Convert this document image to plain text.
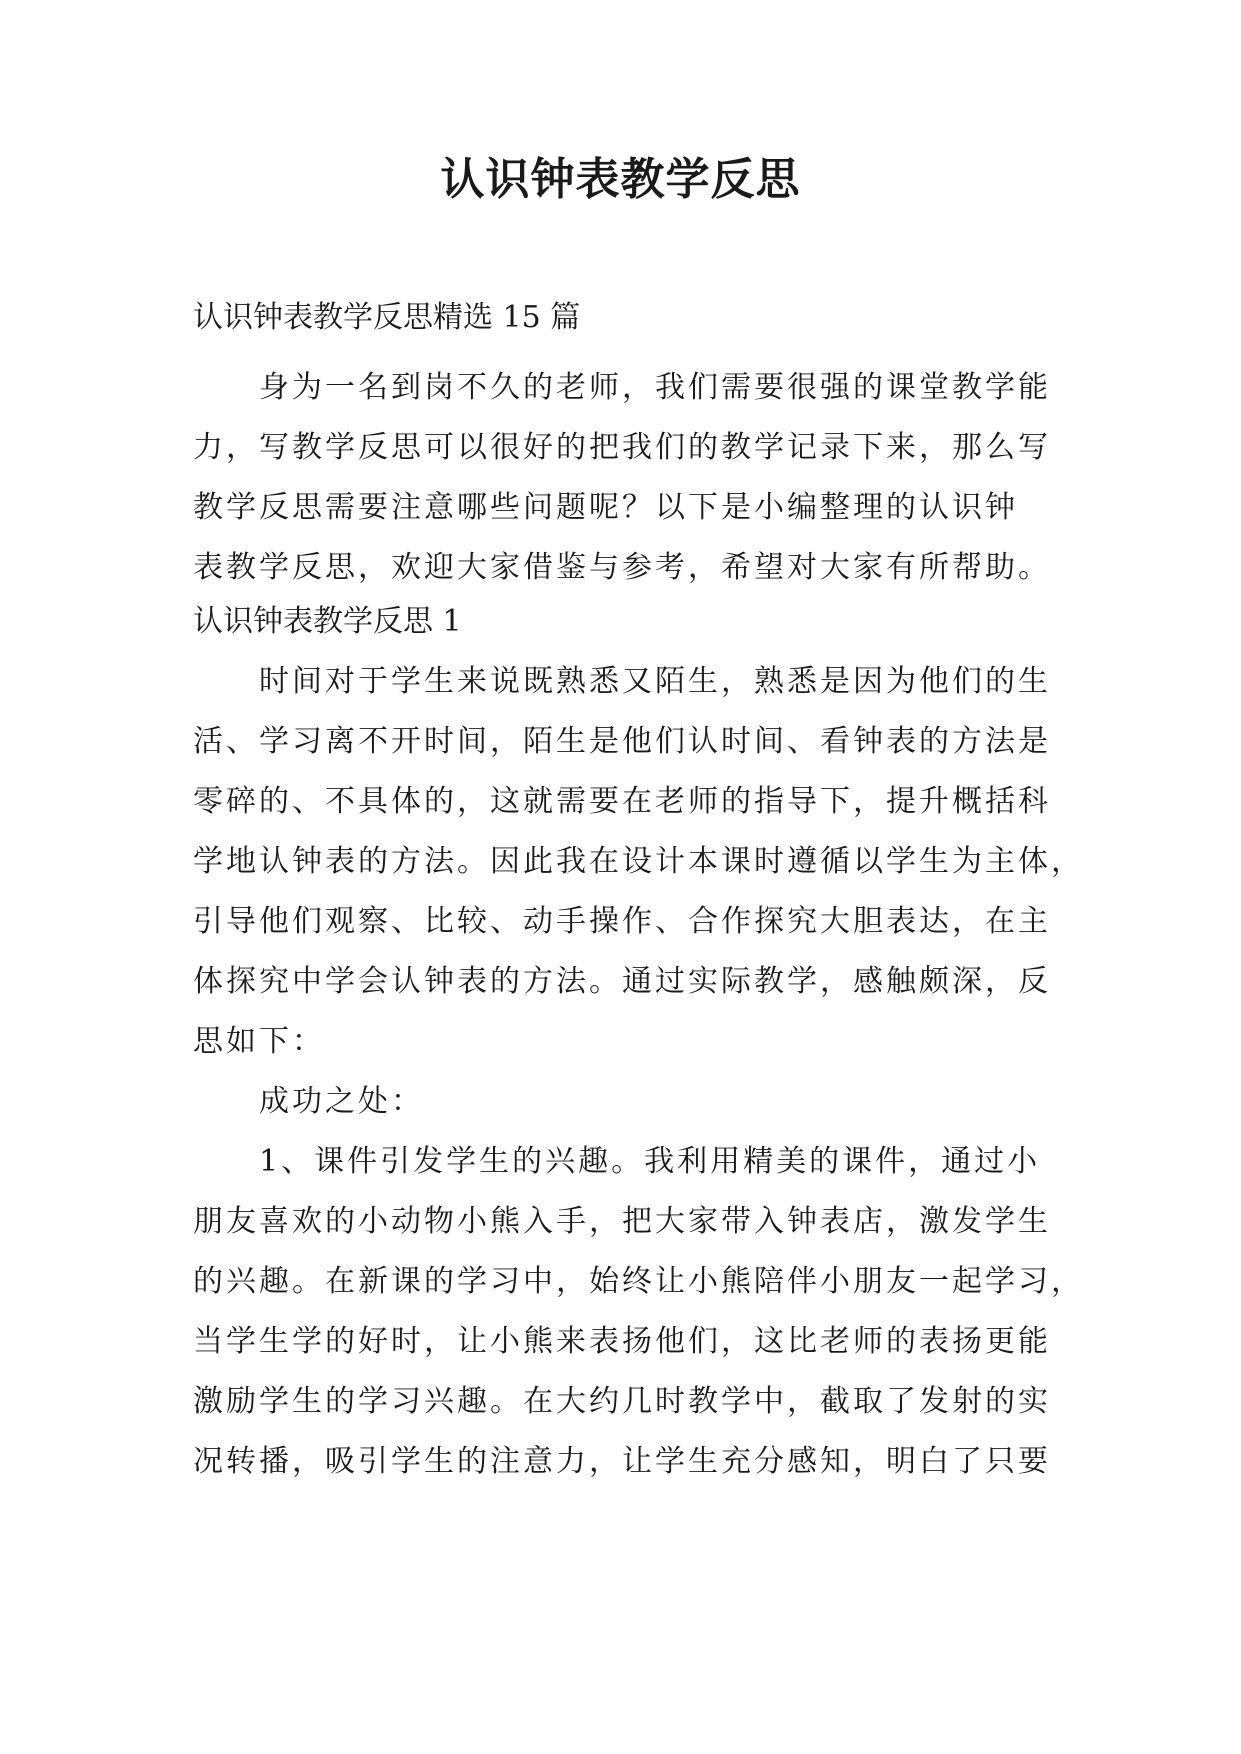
认识钟表教学反思

认识钟表教学反思精选 15 篇

身为一名到岗不久的老师，我们需要很强的课堂教学能
力，写教学反思可以很好的把我们的教学记录下来，那么写
教学反思需要注意哪些问题呢？以下是小编整理的认识钟
表教学反思，欢迎大家借鉴与参考，希望对大家有所帮助。
认识钟表教学反思 1
时间对于学生来说既熟悉又陌生，熟悉是因为他们的生
活、学习离不开时间，陌生是他们认时间、看钟表的方法是
零碎的、不具体的，这就需要在老师的指导下，提升概括科
学地认钟表的方法。因此我在设计本课时遵循以学生为主体，
引导他们观察、比较、动手操作、合作探究大胆表达，在主
体探究中学会认钟表的方法。通过实际教学，感触颇深，反
思如下：
成功之处：
1、课件引发学生的兴趣。我利用精美的课件，通过小
朋友喜欢的小动物小熊入手，把大家带入钟表店，激发学生
的兴趣。在新课的学习中，始终让小熊陪伴小朋友一起学习，
当学生学的好时，让小熊来表扬他们，这比老师的表扬更能
激励学生的学习兴趣。在大约几时教学中，截取了发射的实
况转播，吸引学生的注意力，让学生充分感知，明白了只要
